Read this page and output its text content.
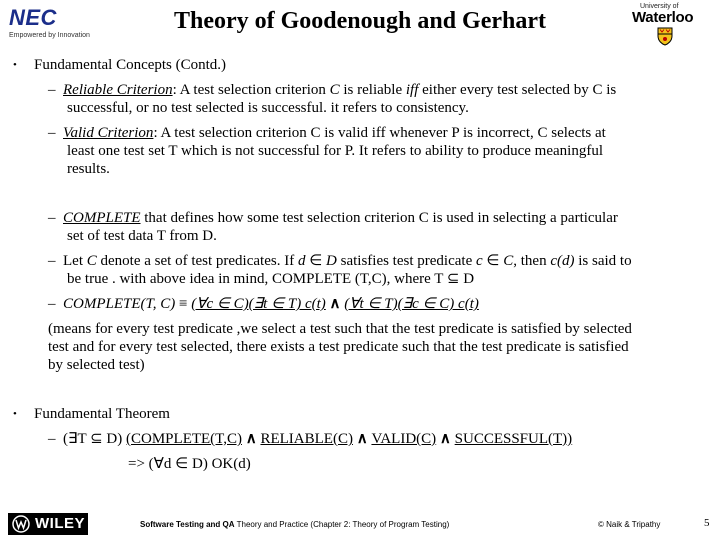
NEC
Empowered by Innovation
Theory of Goodenough and Gerhart
University of
Waterloo
• Fundamental Concepts (Contd.)
– Reliable Criterion: A test selection criterion C is reliable iff either every test selected by C is
successful, or no test selected is successful. it refers to consistency.
– Valid Criterion: A test selection criterion C is valid iff whenever P is incorrect, C selects at
least one test set T which is not successful for P. It refers to ability to produce meaningful
results.
– COMPLETE that defines how some test selection criterion C is used in selecting a particular
set of test data T from D.
– Let C denote a set of test predicates. If d ∈ D satisfies test predicate c ∈ C, then c(d) is said to
be true . with above idea in mind, COMPLETE (T,C), where T ⊆ D
– COMPLETE(T, C) ≡ (∀c ∈ C)(∃t ∈ T) c(t) ∧ (∀t ∈ T)(∃c ∈ C) c(t)
(means for every test predicate ,we select a test such that the test predicate is satisfied by selected
test and for every test selected, there exists a test predicate such that the test predicate is satisfied
by selected test)
• Fundamental Theorem
– (∃T ⊆ D) (COMPLETE(T,C) ∧ RELIABLE(C) ∧ VALID(C) ∧ SUCCESSFUL(T))
=> (∀d ∈ D) OK(d)
WILEY	Software Testing and QA Theory and Practice (Chapter 2: Theory of Program Testing)	© Naik & Tripathy	5
